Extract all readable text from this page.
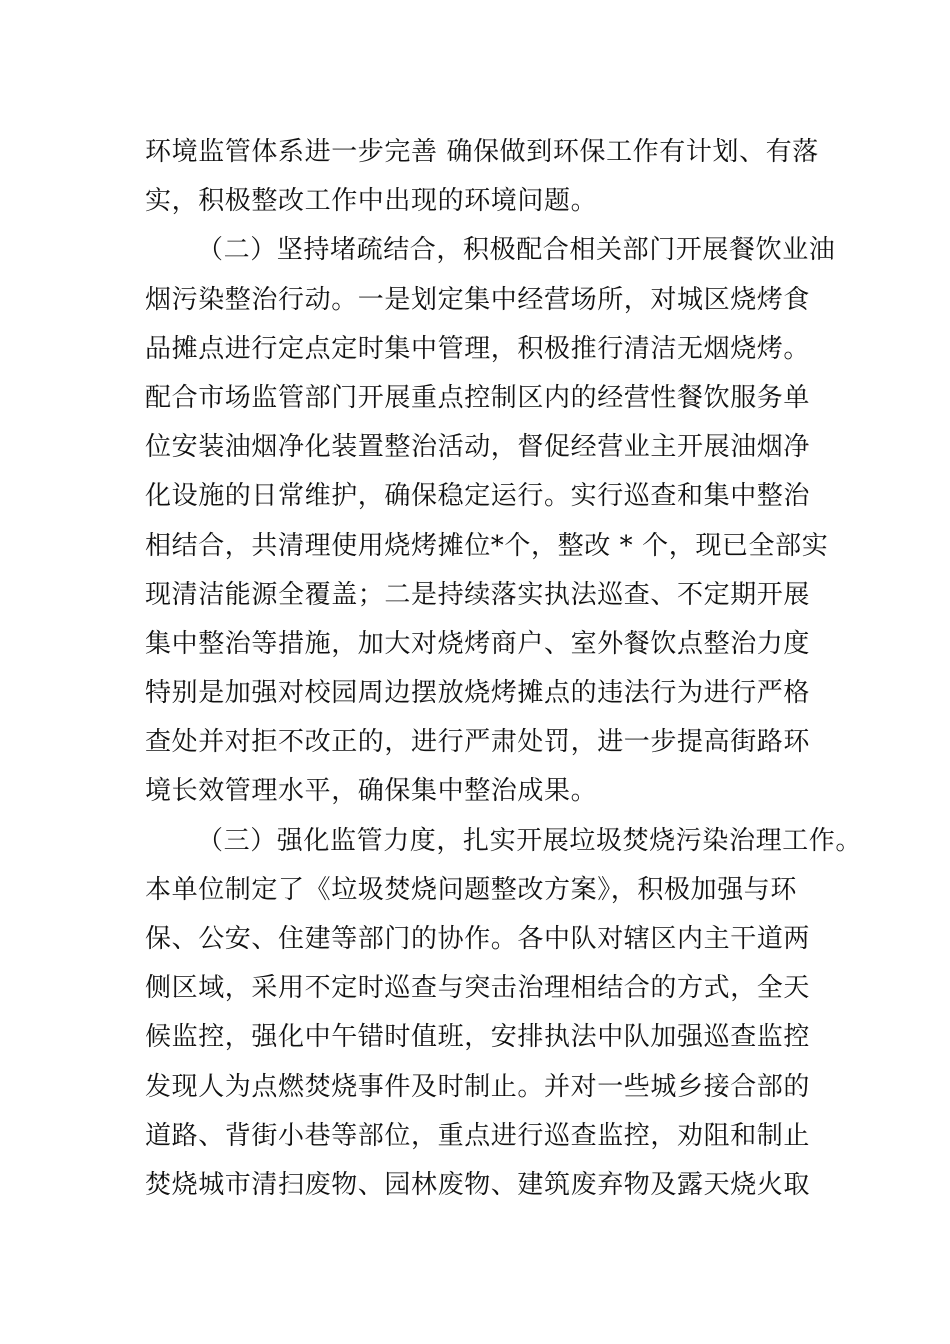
环境监管体系进一步完善 确保做到环保工作有计划、有落
实，积极整改工作中出现的环境问题。
（二）坚持堵疏结合，积极配合相关部门开展餐饮业油
烟污染整治行动。一是划定集中经营场所，对城区烧烤食
品摊点进行定点定时集中管理，积极推行清洁无烟烧烤。
配合市场监管部门开展重点控制区内的经营性餐饮服务单
位安装油烟净化装置整治活动，督促经营业主开展油烟净
化设施的日常维护，确保稳定运行。实行巡查和集中整治
相结合，共清理使用烧烤摊位*个，整改 * 个，现已全部实
现清洁能源全覆盖；二是持续落实执法巡查、不定期开展
集中整治等措施，加大对烧烤商户、室外餐饮点整治力度
特别是加强对校园周边摆放烧烤摊点的违法行为进行严格
查处并对拒不改正的，进行严肃处罚，进一步提高街路环
境长效管理水平，确保集中整治成果。
（三）强化监管力度，扎实开展垃圾焚烧污染治理工作。
本单位制定了《垃圾焚烧问题整改方案》，积极加强与环
保、公安、住建等部门的协作。各中队对辖区内主干道两
侧区域，采用不定时巡查与突击治理相结合的方式，全天
候监控，强化中午错时值班，安排执法中队加强巡查监控
发现人为点燃焚烧事件及时制止。并对一些城乡接合部的
道路、背街小巷等部位，重点进行巡查监控，劝阻和制止
焚烧城市清扫废物、园林废物、建筑废弃物及露天烧火取
